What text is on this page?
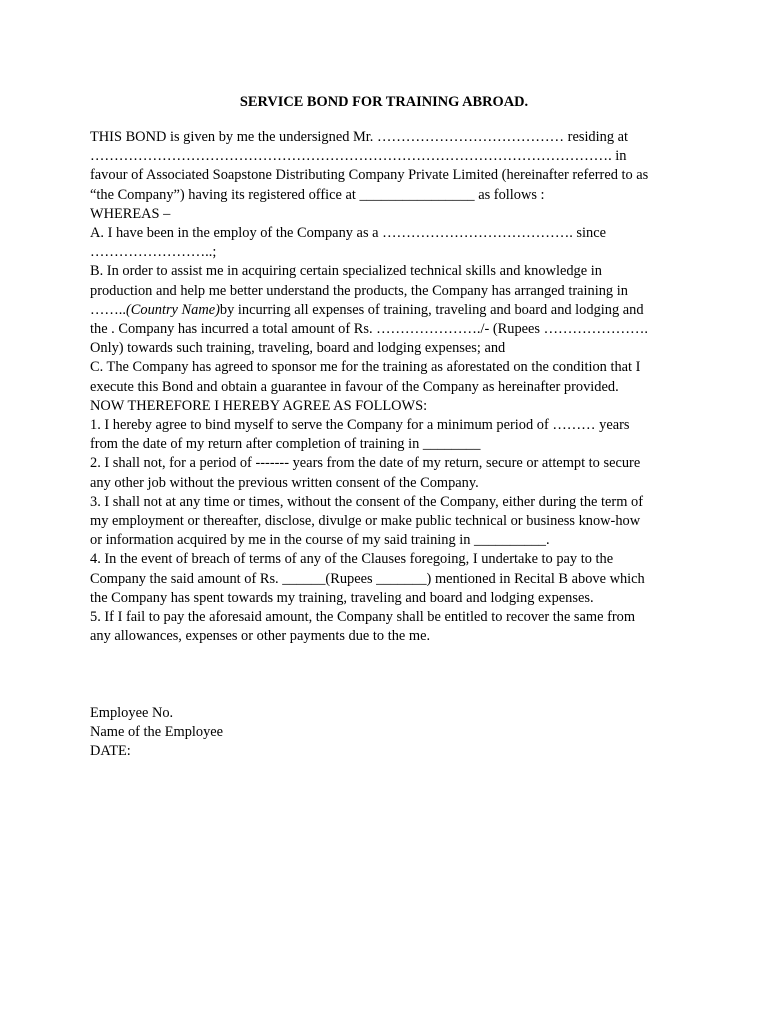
SERVICE BOND FOR TRAINING ABROAD.
THIS BOND is given by me the undersigned Mr. ………………………………… residing at
………………………………………………………………………………………………. in
favour of Associated Soapstone Distributing Company Private Limited (hereinafter referred to as
“the Company”) having its registered office at ________________ as follows :
WHEREAS –
A. I have been in the employ of the Company as a …………………………………. since
……………………..;
B. In order to assist me in acquiring certain specialized technical skills and knowledge in
production and help me better understand the products, the Company has arranged training in
……..(Country Name)by incurring all expenses of training, traveling and board and lodging and
the . Company has incurred a total amount of Rs. …………………./- (Rupees ………………….
Only) towards such training, traveling, board and lodging expenses; and
C. The Company has agreed to sponsor me for the training as aforestated on the condition that I
execute this Bond and obtain a guarantee in favour of the Company as hereinafter provided.
NOW THEREFORE I HEREBY AGREE AS FOLLOWS:
1. I hereby agree to bind myself to serve the Company for a minimum period of ……… years
from the date of my return after completion of training in ________
2. I shall not, for a period of ------- years from the date of my return, secure or attempt to secure
any other job without the previous written consent of the Company.
3. I shall not at any time or times, without the consent of the Company, either during the term of
my employment or thereafter, disclose, divulge or make public technical or business know-how
or information acquired by me in the course of my said training in __________.
4. In the event of breach of terms of any of the Clauses foregoing, I undertake to pay to the
Company the said amount of Rs. ______(Rupees _______) mentioned in Recital B above which
the Company has spent towards my training, traveling and board and lodging expenses.
5. If I fail to pay the aforesaid amount, the Company shall be entitled to recover the same from
any allowances, expenses or other payments due to the me.
Employee No.
Name of the Employee
DATE:
